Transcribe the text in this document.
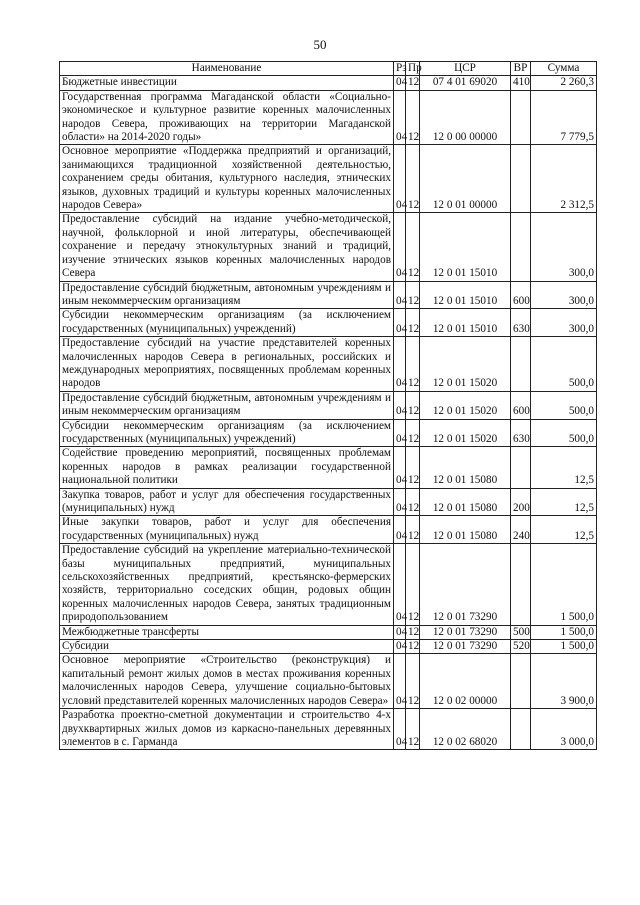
50
Наименование	Рз	Пр	ЦСР	ВР	Сумма
Бюджетные инвестиции	04	12	07 4 01 69020	410	2 260,3
Государственная программа Магаданской области «Социально-экономическое и культурное развитие коренных малочисленных народов Севера, проживающих на территории Магаданской области» на 2014-2020 годы»	04	12	12 0 00 00000		7 779,5
Основное мероприятие «Поддержка предприятий и организаций, занимающихся традиционной хозяйственной деятельностью, сохранением среды обитания, культурного наследия, этнических языков, духовных традиций и культуры коренных малочисленных народов Севера»	04	12	12 0 01 00000		2 312,5
Предоставление субсидий на издание учебно-методической, научной, фольклорной и иной литературы, обеспечивающей сохранение и передачу этнокультурных знаний и традиций, изучение этнических языков коренных малочисленных народов Севера	04	12	12 0 01 15010		300,0
Предоставление субсидий бюджетным, автономным учреждениям и иным некоммерческим организациям	04	12	12 0 01 15010	600	300,0
Субсидии некоммерческим организациям (за исключением государственных (муниципальных) учреждений)	04	12	12 0 01 15010	630	300,0
Предоставление субсидий на участие представителей коренных малочисленных народов Севера в региональных, российских и международных мероприятиях, посвященных проблемам коренных народов	04	12	12 0 01 15020		500,0
Предоставление субсидий бюджетным, автономным учреждениям и иным некоммерческим организациям	04	12	12 0 01 15020	600	500,0
Субсидии некоммерческим организациям (за исключением государственных (муниципальных) учреждений)	04	12	12 0 01 15020	630	500,0
Содействие проведению мероприятий, посвященных проблемам коренных народов в рамках реализации государственной национальной политики	04	12	12 0 01 15080		12,5
Закупка товаров, работ и услуг для обеспечения государственных (муниципальных) нужд	04	12	12 0 01 15080	200	12,5
Иные закупки товаров, работ и услуг для обеспечения государственных (муниципальных) нужд	04	12	12 0 01 15080	240	12,5
Предоставление субсидий на укрепление материально-технической базы муниципальных предприятий, муниципальных сельскохозяйственных предприятий, крестьянско-фермерских хозяйств, территориально соседских общин, родовых общин коренных малочисленных народов Севера, занятых традиционным природопользованием	04	12	12 0 01 73290		1 500,0
Межбюджетные трансферты	04	12	12 0 01 73290	500	1 500,0
Субсидии	04	12	12 0 01 73290	520	1 500,0
Основное мероприятие «Строительство (реконструкция) и капитальный ремонт жилых домов в местах проживания коренных малочисленных народов Севера, улучшение социально-бытовых условий представителей коренных малочисленных народов Севера»	04	12	12 0 02 00000		3 900,0
Разработка проектно-сметной документации и строительство 4-х двухквартирных жилых домов из каркасно-панельных деревянных элементов в с. Гарманда	04	12	12 0 02 68020		3 000,0
